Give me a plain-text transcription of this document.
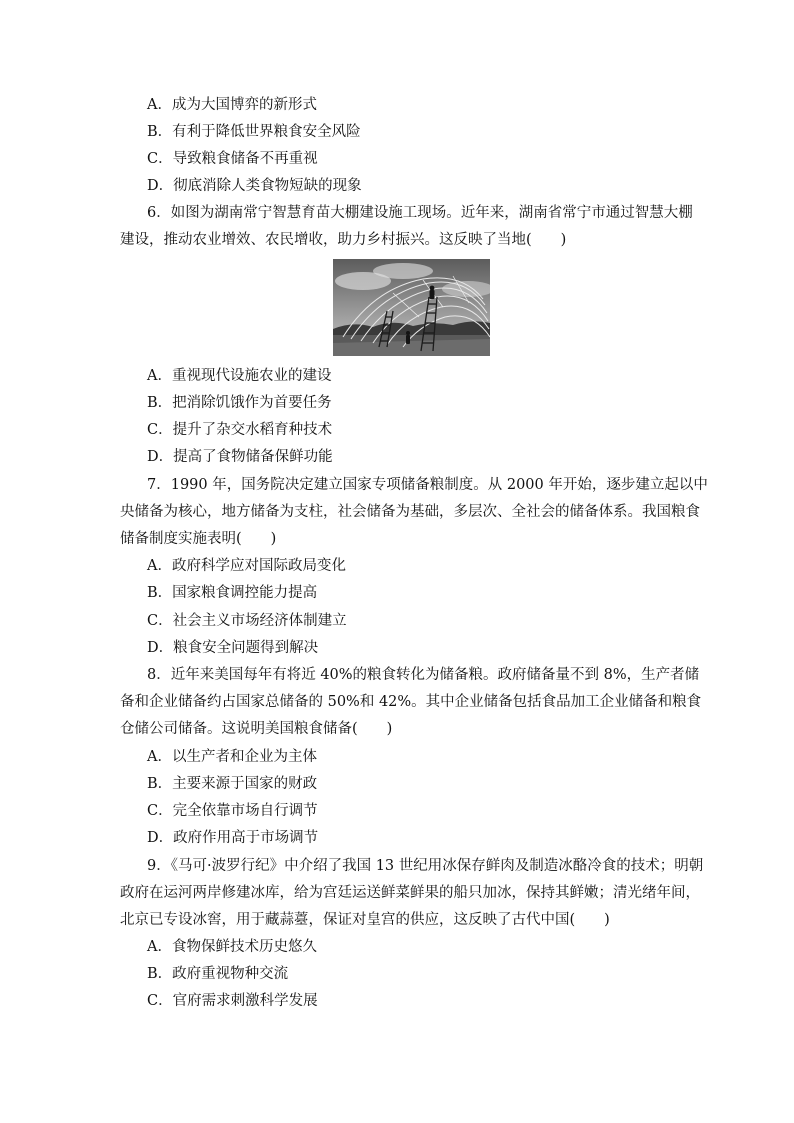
A．成为大国博弈的新形式
B．有利于降低世界粮食安全风险
C．导致粮食储备不再重视
D．彻底消除人类食物短缺的现象
6．如图为湖南常宁智慧育苗大棚建设施工现场。近年来，湖南省常宁市通过智慧大棚
建设，推动农业增效、农民增收，助力乡村振兴。这反映了当地(　　)
A．重视现代设施农业的建设
B．把消除饥饿作为首要任务
C．提升了杂交水稻育种技术
D．提高了食物储备保鲜功能
7．1990 年，国务院决定建立国家专项储备粮制度。从 2000 年开始，逐步建立起以中
央储备为核心，地方储备为支柱，社会储备为基础，多层次、全社会的储备体系。我国粮食
储备制度实施表明(　　)
A．政府科学应对国际政局变化
B．国家粮食调控能力提高
C．社会主义市场经济体制建立
D．粮食安全问题得到解决
8．近年来美国每年有将近 40%的粮食转化为储备粮。政府储备量不到 8%，生产者储
备和企业储备约占国家总储备的 50%和 42%。其中企业储备包括食品加工企业储备和粮食
仓储公司储备。这说明美国粮食储备(　　)
A．以生产者和企业为主体
B．主要来源于国家的财政
C．完全依靠市场自行调节
D．政府作用高于市场调节
9．《马可·波罗行纪》中介绍了我国 13 世纪用冰保存鲜肉及制造冰酪冷食的技术；明朝
政府在运河两岸修建冰库，给为宫廷运送鲜菜鲜果的船只加冰，保持其鲜嫩；清光绪年间，
北京已专设冰窖，用于藏蒜薹，保证对皇宫的供应，这反映了古代中国(　　)
A．食物保鲜技术历史悠久
B．政府重视物种交流
C．官府需求刺激科学发展
